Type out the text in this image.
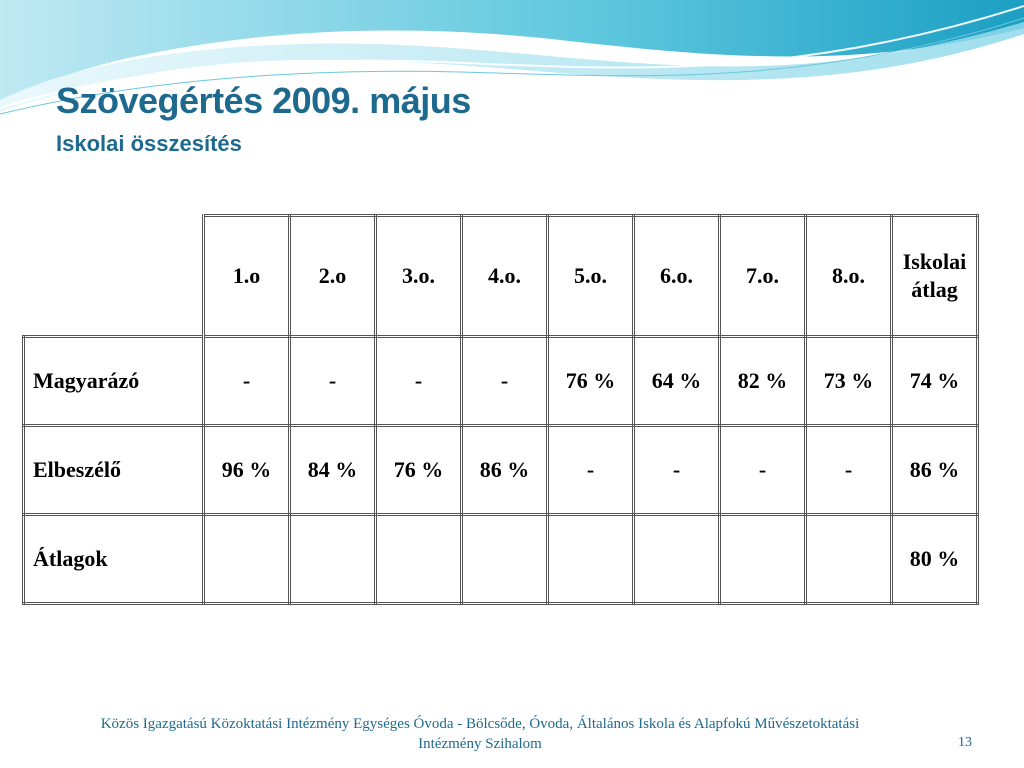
Szövegértés 2009. május
Iskolai összesítés
	1.o	2.o	3.o.	4.o.	5.o.	6.o.	7.o.	8.o.	Iskolai átlag
Magyarázó	-	-	-	-	76 %	64 %	82 %	73 %	74 %
Elbeszélő	96 %	84 %	76 %	86 %	-	-	-	-	86 %
Átlagok									80 %
Közös Igazgatású Közoktatási Intézmény Egységes Óvoda - Bölcsőde, Óvoda, Általános Iskola és Alapfokú Művészetoktatási
Intézmény Szihalom	13
